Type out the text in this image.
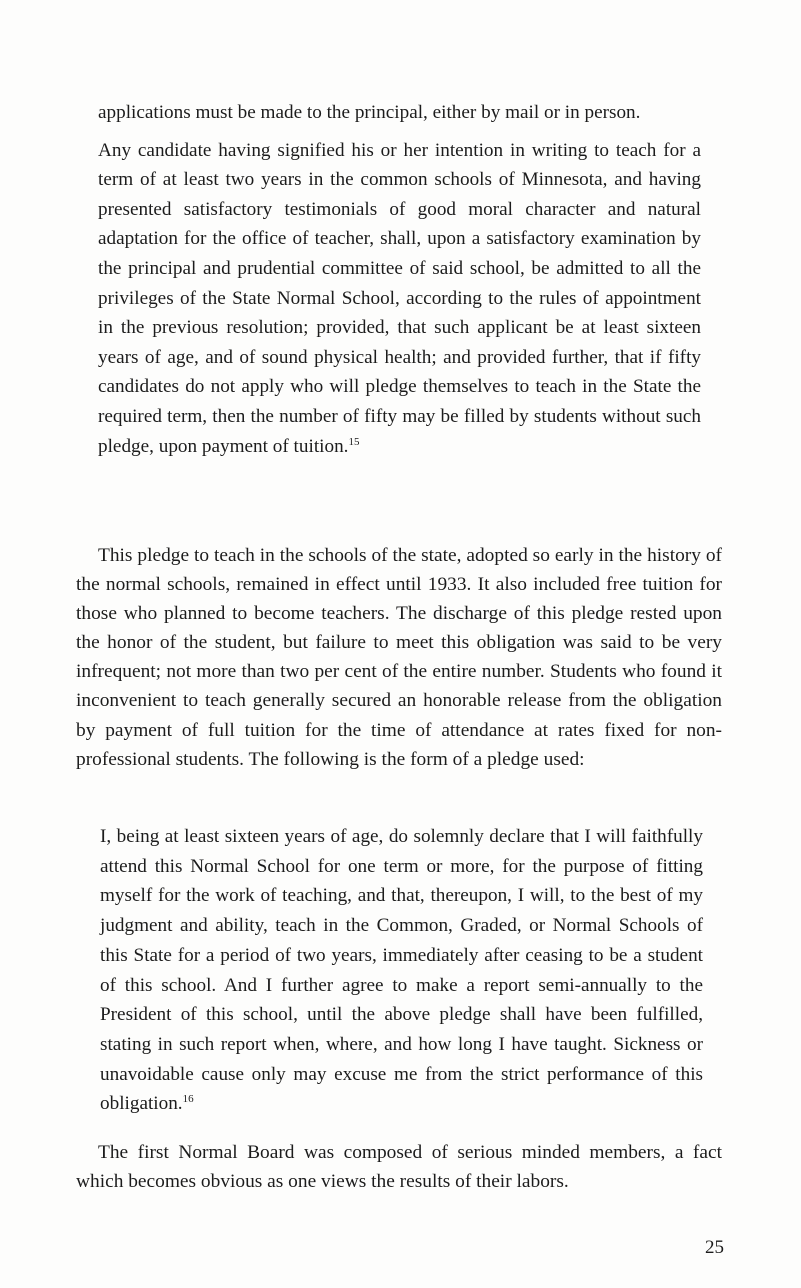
applications must be made to the principal, either by mail or in person.

Any candidate having signified his or her intention in writing to teach for a term of at least two years in the common schools of Minnesota, and having presented satisfactory testimonials of good moral character and natural adaptation for the office of teacher, shall, upon a satisfactory examination by the principal and prudential committee of said school, be admitted to all the privileges of the State Normal School, according to the rules of appointment in the previous resolution; provided, that such applicant be at least sixteen years of age, and of sound physical health; and provided further, that if fifty candidates do not apply who will pledge themselves to teach in the State the required term, then the number of fifty may be filled by students without such pledge, upon payment of tuition.$^{15}$

This pledge to teach in the schools of the state, adopted so early in the history of the normal schools, remained in effect until 1933. It also included free tuition for those who planned to become teachers. The discharge of this pledge rested upon the honor of the student, but failure to meet this obligation was said to be very infrequent; not more than two per cent of the entire number. Students who found it inconvenient to teach generally secured an honorable release from the obligation by payment of full tuition for the time of attendance at rates fixed for non-professional students. The following is the form of a pledge used:

I, being at least sixteen years of age, do solemnly declare that I will faithfully attend this Normal School for one term or more, for the purpose of fitting myself for the work of teaching, and that, thereupon, I will, to the best of my judgment and ability, teach in the Common, Graded, or Normal Schools of this State for a period of two years, immediately after ceasing to be a student of this school. And I further agree to make a report semi-annually to the President of this school, until the above pledge shall have been fulfilled, stating in such report when, where, and how long I have taught. Sickness or unavoidable cause only may excuse me from the strict performance of this obligation.$^{16}$

The first Normal Board was composed of serious minded members, a fact which becomes obvious as one views the results of their labors.

25
